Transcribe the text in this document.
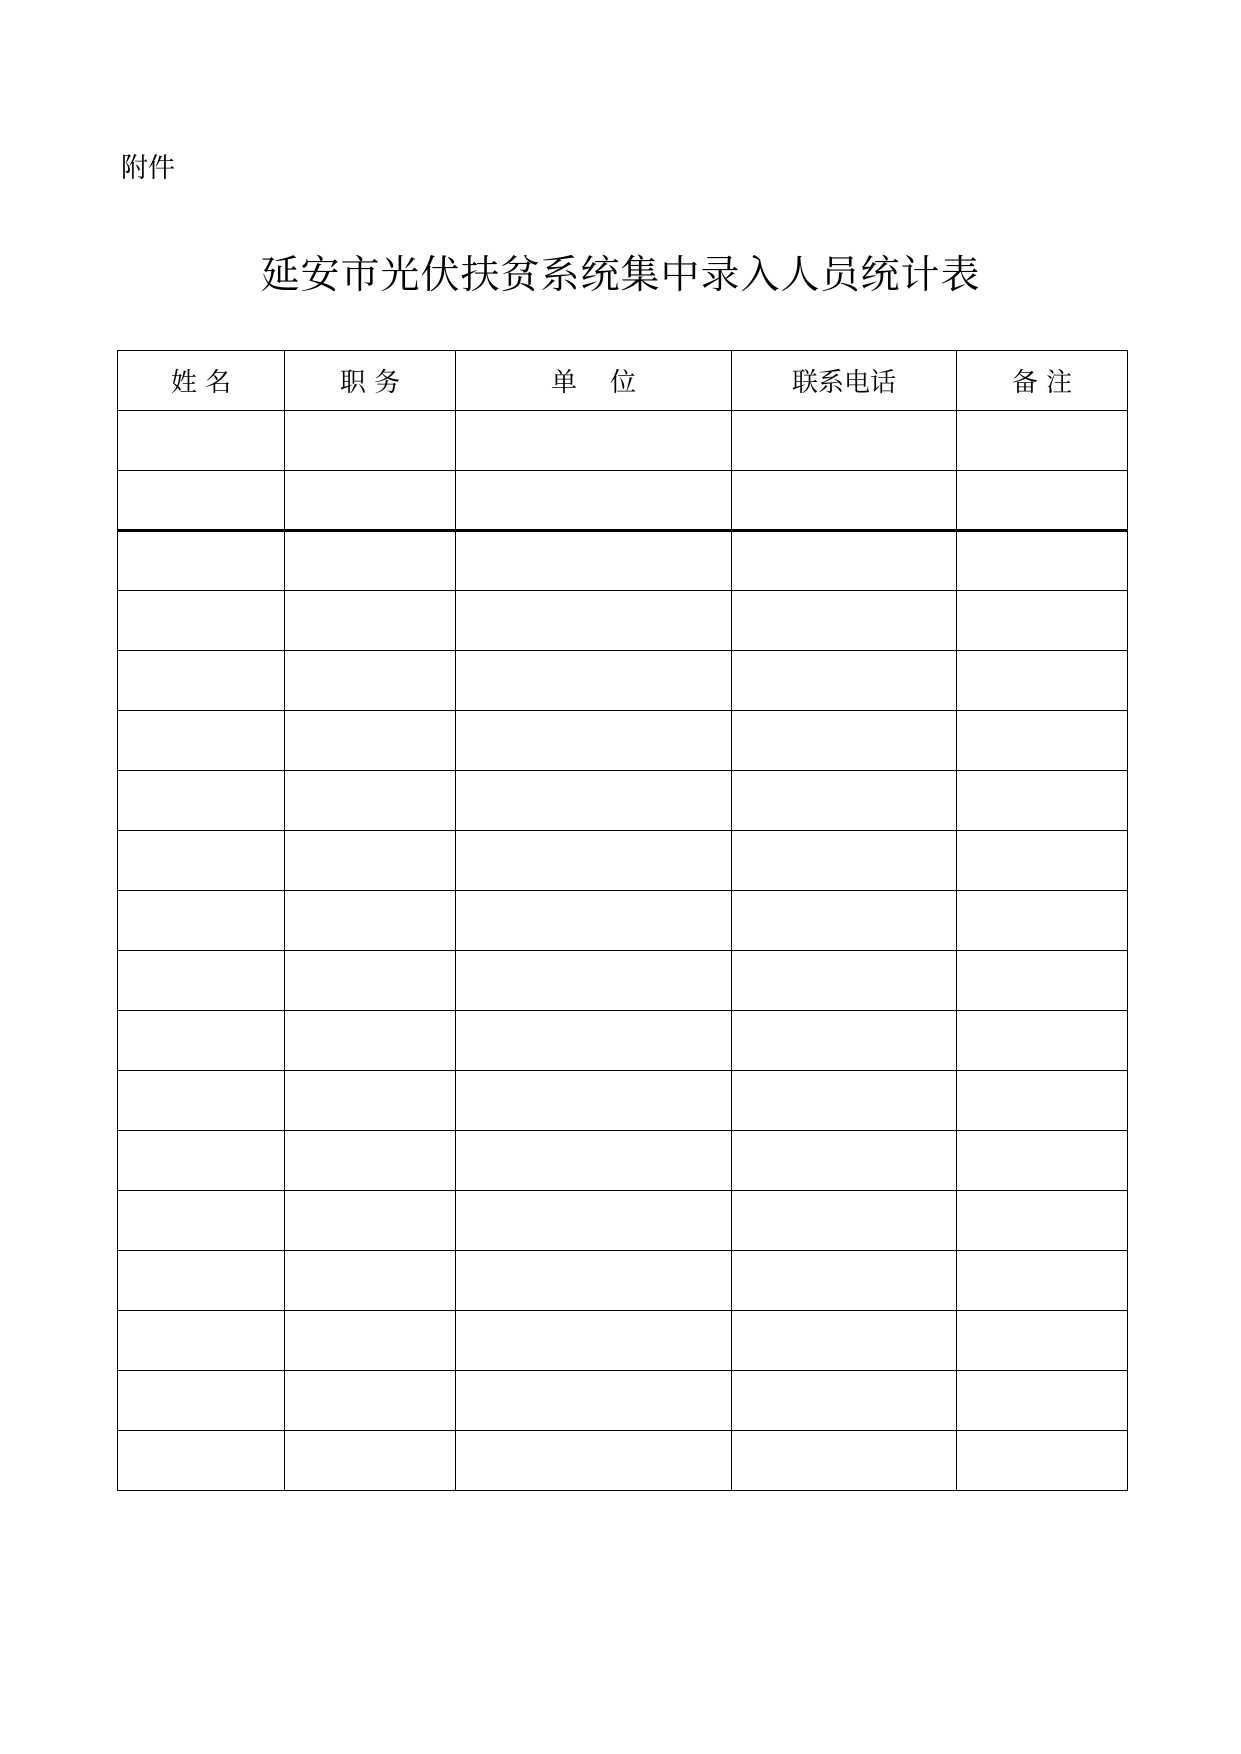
附件
延安市光伏扶贫系统集中录入人员统计表
姓 名	职 务	单    位	联系电话	备 注
